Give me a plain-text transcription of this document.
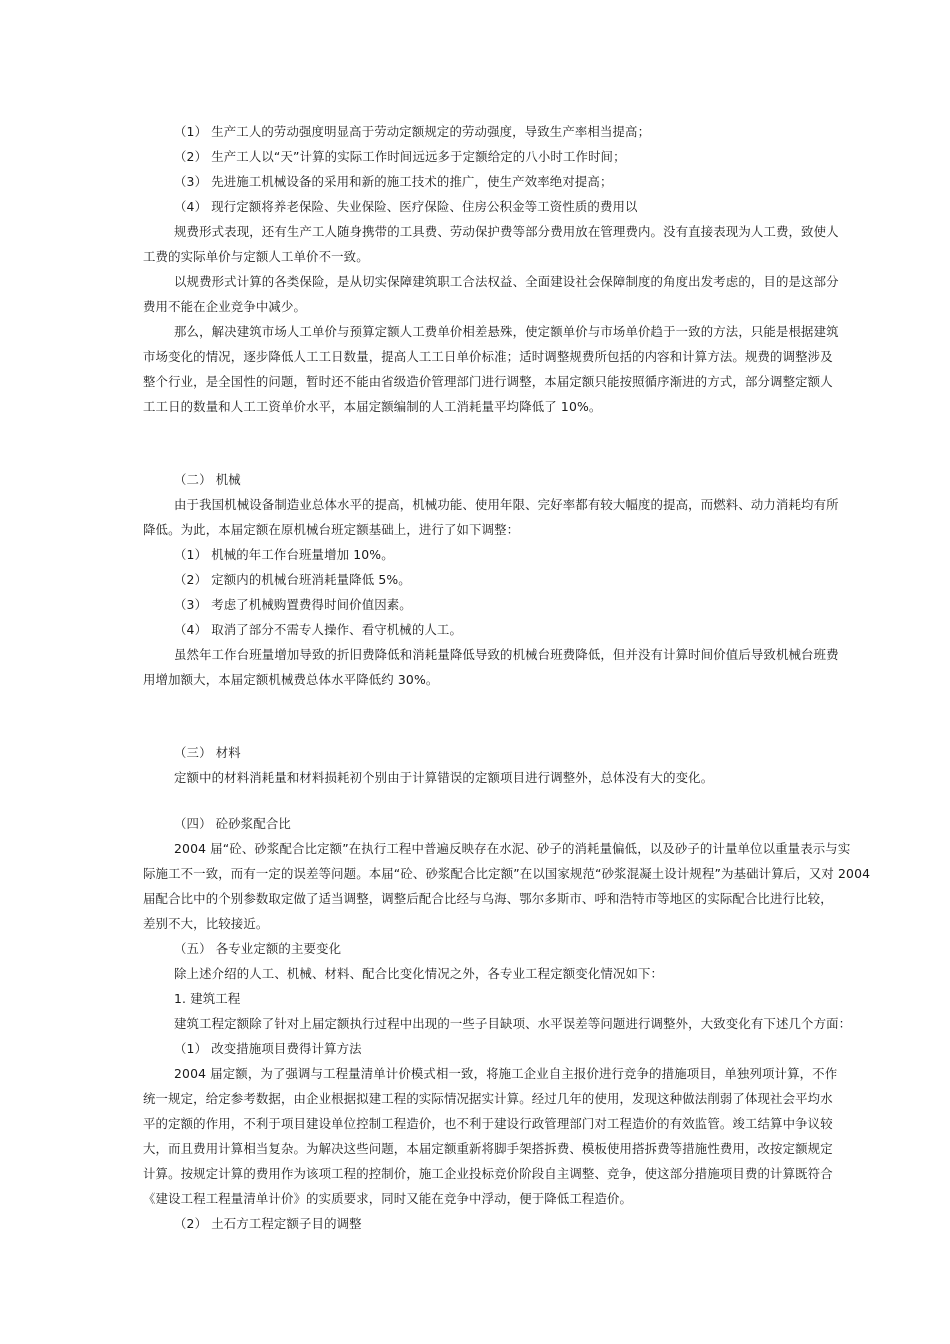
（1） 生产工人的劳动强度明显高于劳动定额规定的劳动强度，导致生产率相当提高；
（2） 生产工人以“天”计算的实际工作时间远远多于定额给定的八小时工作时间；
（3） 先进施工机械设备的采用和新的施工技术的推广，使生产效率绝对提高；
（4） 现行定额将养老保险、失业保险、医疗保险、住房公积金等工资性质的费用以
规费形式表现，还有生产工人随身携带的工具费、劳动保护费等部分费用放在管理费内。没有直接表现为人工费，致使人
工费的实际单价与定额人工单价不一致。
以规费形式计算的各类保险，是从切实保障建筑职工合法权益、全面建设社会保障制度的角度出发考虑的，目的是这部分
费用不能在企业竞争中减少。
那么，解决建筑市场人工单价与预算定额人工费单价相差悬殊，使定额单价与市场单价趋于一致的方法，只能是根据建筑
市场变化的情况，逐步降低人工工日数量，提高人工工日单价标准；适时调整规费所包括的内容和计算方法。规费的调整涉及
整个行业，是全国性的问题，暂时还不能由省级造价管理部门进行调整，本届定额只能按照循序渐进的方式，部分调整定额人
工工日的数量和人工工资单价水平，本届定额编制的人工消耗量平均降低了 10%。
（二） 机械
由于我国机械设备制造业总体水平的提高，机械功能、使用年限、完好率都有较大幅度的提高，而燃料、动力消耗均有所
降低。为此，本届定额在原机械台班定额基础上，进行了如下调整：
（1） 机械的年工作台班量增加 10%。
（2） 定额内的机械台班消耗量降低 5%。
（3） 考虑了机械购置费得时间价值因素。
（4） 取消了部分不需专人操作、看守机械的人工。
虽然年工作台班量增加导致的折旧费降低和消耗量降低导致的机械台班费降低，但并没有计算时间价值后导致机械台班费
用增加额大，本届定额机械费总体水平降低约 30%。
（三） 材料
定额中的材料消耗量和材料损耗初个别由于计算错误的定额项目进行调整外，总体没有大的变化。
（四） 砼砂浆配合比
2004 届“砼、砂浆配合比定额”在执行工程中普遍反映存在水泥、砂子的消耗量偏低，以及砂子的计量单位以重量表示与实
际施工不一致，而有一定的误差等问题。本届“砼、砂浆配合比定额”在以国家规范“砂浆混凝土设计规程”为基础计算后，又对 2004
届配合比中的个别参数取定做了适当调整，调整后配合比经与乌海、鄂尔多斯市、呼和浩特市等地区的实际配合比进行比较，
差别不大，比较接近。
（五） 各专业定额的主要变化
除上述介绍的人工、机械、材料、配合比变化情况之外，各专业工程定额变化情况如下：
1. 建筑工程
建筑工程定额除了针对上届定额执行过程中出现的一些子目缺项、水平误差等问题进行调整外，大致变化有下述几个方面：
（1） 改变措施项目费得计算方法
2004 届定额，为了强调与工程量清单计价模式相一致，将施工企业自主报价进行竞争的措施项目，单独列项计算，不作
统一规定，给定参考数据，由企业根据拟建工程的实际情况据实计算。经过几年的使用，发现这种做法削弱了体现社会平均水
平的定额的作用，不利于项目建设单位控制工程造价，也不利于建设行政管理部门对工程造价的有效监管。竣工结算中争议较
大，而且费用计算相当复杂。为解决这些问题，本届定额重新将脚手架搭拆费、模板使用搭拆费等措施性费用，改按定额规定
计算。按规定计算的费用作为该项工程的控制价，施工企业投标竞价阶段自主调整、竞争，使这部分措施项目费的计算既符合
《建设工程工程量清单计价》的实质要求，同时又能在竞争中浮动，便于降低工程造价。
（2） 土石方工程定额子目的调整
